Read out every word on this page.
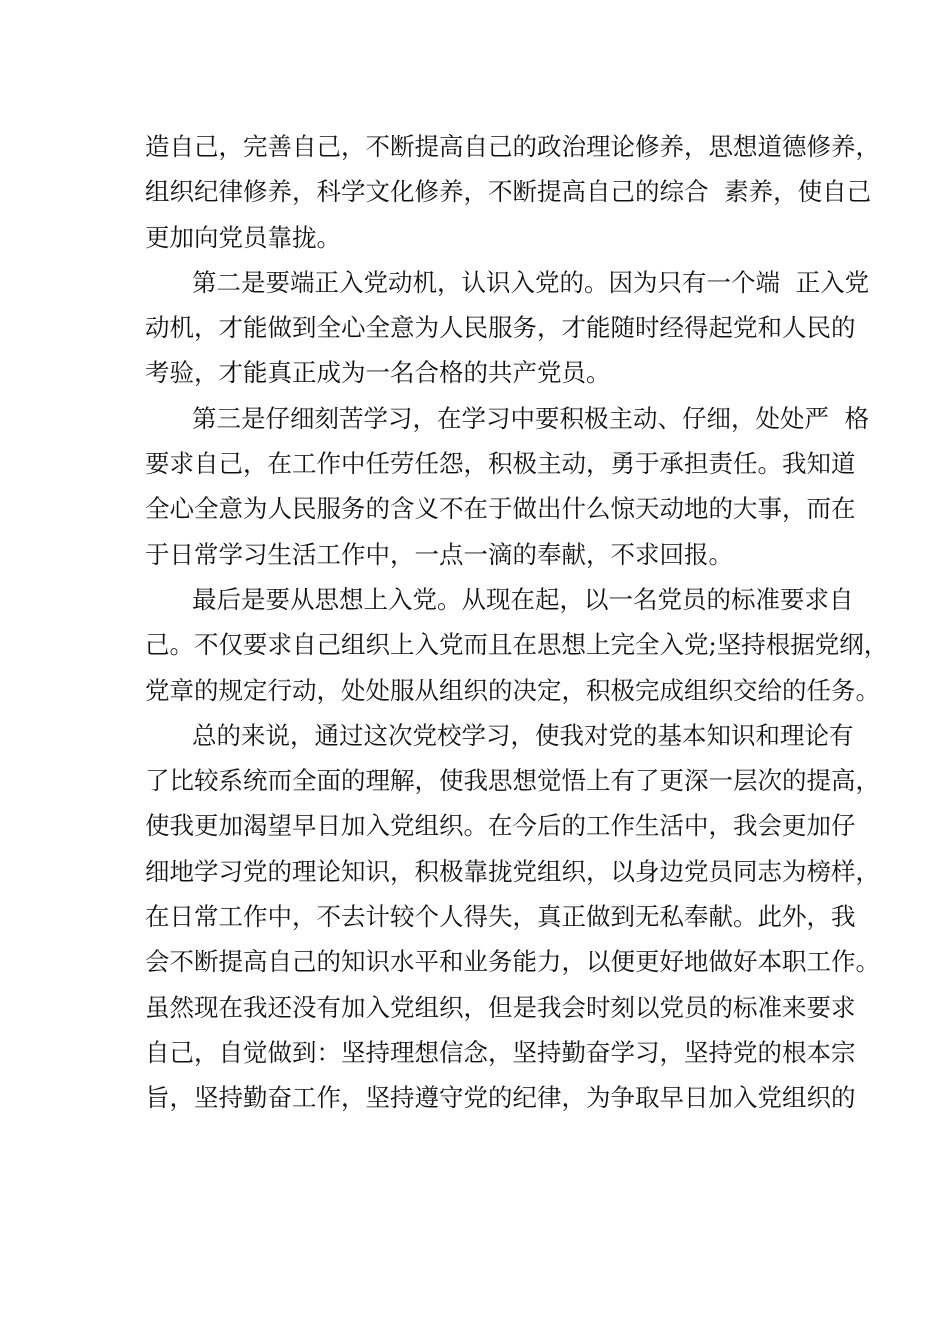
造自己，完善自己，不断提高自己的政治理论修养，思想道德修养，
组织纪律修养，科学文化修养，不断提高自己的综合  素养，使自己
更加向党员靠拢。
第二是要端正入党动机，认识入党的。因为只有一个端  正入党
动机，才能做到全心全意为人民服务，才能随时经得起党和人民的
考验，才能真正成为一名合格的共产党员。
第三是仔细刻苦学习，在学习中要积极主动、仔细，处处严  格
要求自己，在工作中任劳任怨，积极主动，勇于承担责任。我知道
全心全意为人民服务的含义不在于做出什么惊天动地的大事，而在
于日常学习生活工作中，一点一滴的奉献，不求回报。
最后是要从思想上入党。从现在起，以一名党员的标准要求自
己。不仅要求自己组织上入党而且在思想上完全入党;坚持根据党纲，
党章的规定行动，处处服从组织的决定，积极完成组织交给的任务。
总的来说，通过这次党校学习，使我对党的基本知识和理论有
了比较系统而全面的理解，使我思想觉悟上有了更深一层次的提高，
使我更加渴望早日加入党组织。在今后的工作生活中，我会更加仔
细地学习党的理论知识，积极靠拢党组织，以身边党员同志为榜样，
在日常工作中，不去计较个人得失，真正做到无私奉献。此外，我
会不断提高自己的知识水平和业务能力，以便更好地做好本职工作。
虽然现在我还没有加入党组织，但是我会时刻以党员的标准来要求
自己，自觉做到：坚持理想信念，坚持勤奋学习，坚持党的根本宗
旨，坚持勤奋工作，坚持遵守党的纪律，为争取早日加入党组织的
